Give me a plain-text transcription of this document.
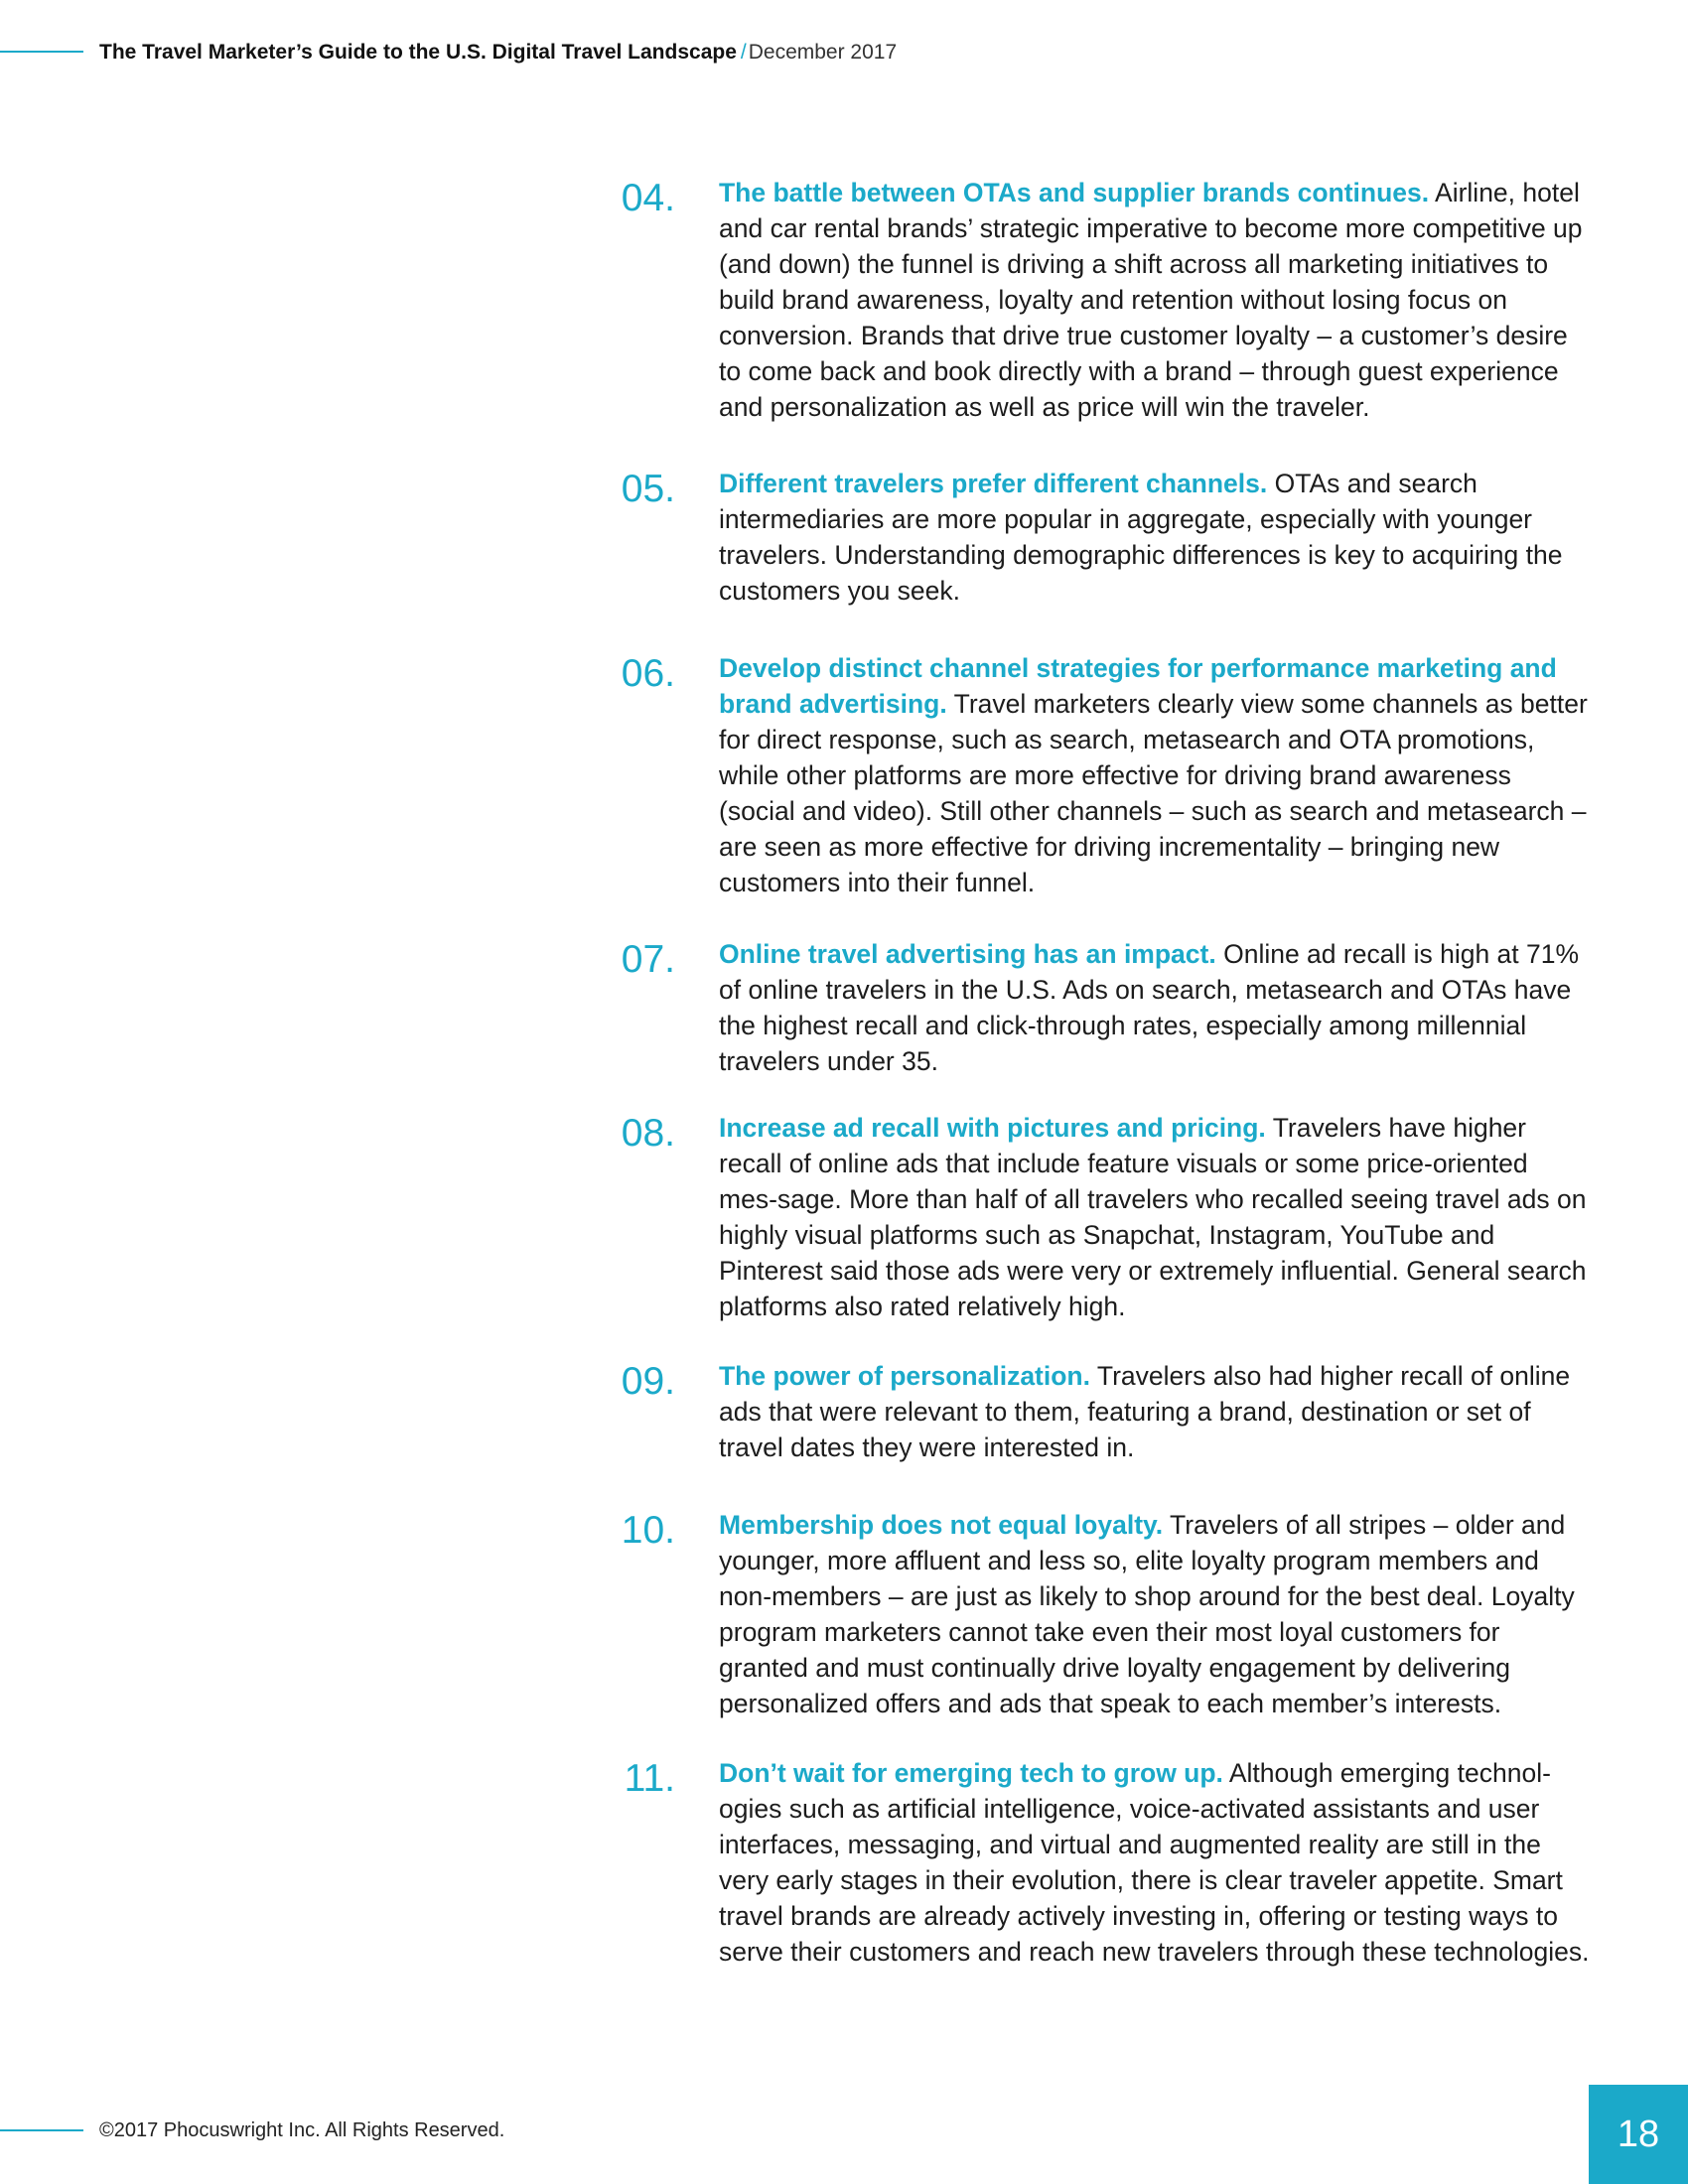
The Travel Marketer’s Guide to the U.S. Digital Travel Landscape /December 2017
04. The battle between OTAs and supplier brands continues. Airline, hotel and car rental brands’ strategic imperative to become more competitive up (and down) the funnel is driving a shift across all marketing initiatives to build brand awareness, loyalty and retention without losing focus on conversion. Brands that drive true customer loyalty – a customer’s desire to come back and book directly with a brand – through guest experience and personalization as well as price will win the traveler.
05. Different travelers prefer different channels. OTAs and search intermediaries are more popular in aggregate, especially with younger travelers. Understanding demographic differences is key to acquiring the customers you seek.
06. Develop distinct channel strategies for performance marketing and brand advertising. Travel marketers clearly view some channels as better for direct response, such as search, metasearch and OTA promotions, while other platforms are more effective for driving brand awareness (social and video). Still other channels – such as search and metasearch – are seen as more effective for driving incrementality – bringing new customers into their funnel.
07. Online travel advertising has an impact. Online ad recall is high at 71% of online travelers in the U.S. Ads on search, metasearch and OTAs have the highest recall and click-through rates, especially among millennial travelers under 35.
08. Increase ad recall with pictures and pricing. Travelers have higher recall of online ads that include feature visuals or some price-oriented mes-sage. More than half of all travelers who recalled seeing travel ads on highly visual platforms such as Snapchat, Instagram, YouTube and Pinterest said those ads were very or extremely influential. General search platforms also rated relatively high.
09. The power of personalization. Travelers also had higher recall of online ads that were relevant to them, featuring a brand, destination or set of travel dates they were interested in.
10. Membership does not equal loyalty. Travelers of all stripes – older and younger, more affluent and less so, elite loyalty program members and non-members – are just as likely to shop around for the best deal. Loyalty program marketers cannot take even their most loyal customers for granted and must continually drive loyalty engagement by delivering personalized offers and ads that speak to each member’s interests.
11. Don’t wait for emerging tech to grow up. Although emerging technol-ogies such as artificial intelligence, voice-activated assistants and user interfaces, messaging, and virtual and augmented reality are still in the very early stages in their evolution, there is clear traveler appetite. Smart travel brands are already actively investing in, offering or testing ways to serve their customers and reach new travelers through these technologies.
©2017 Phocuswright Inc. All Rights Reserved.	18
